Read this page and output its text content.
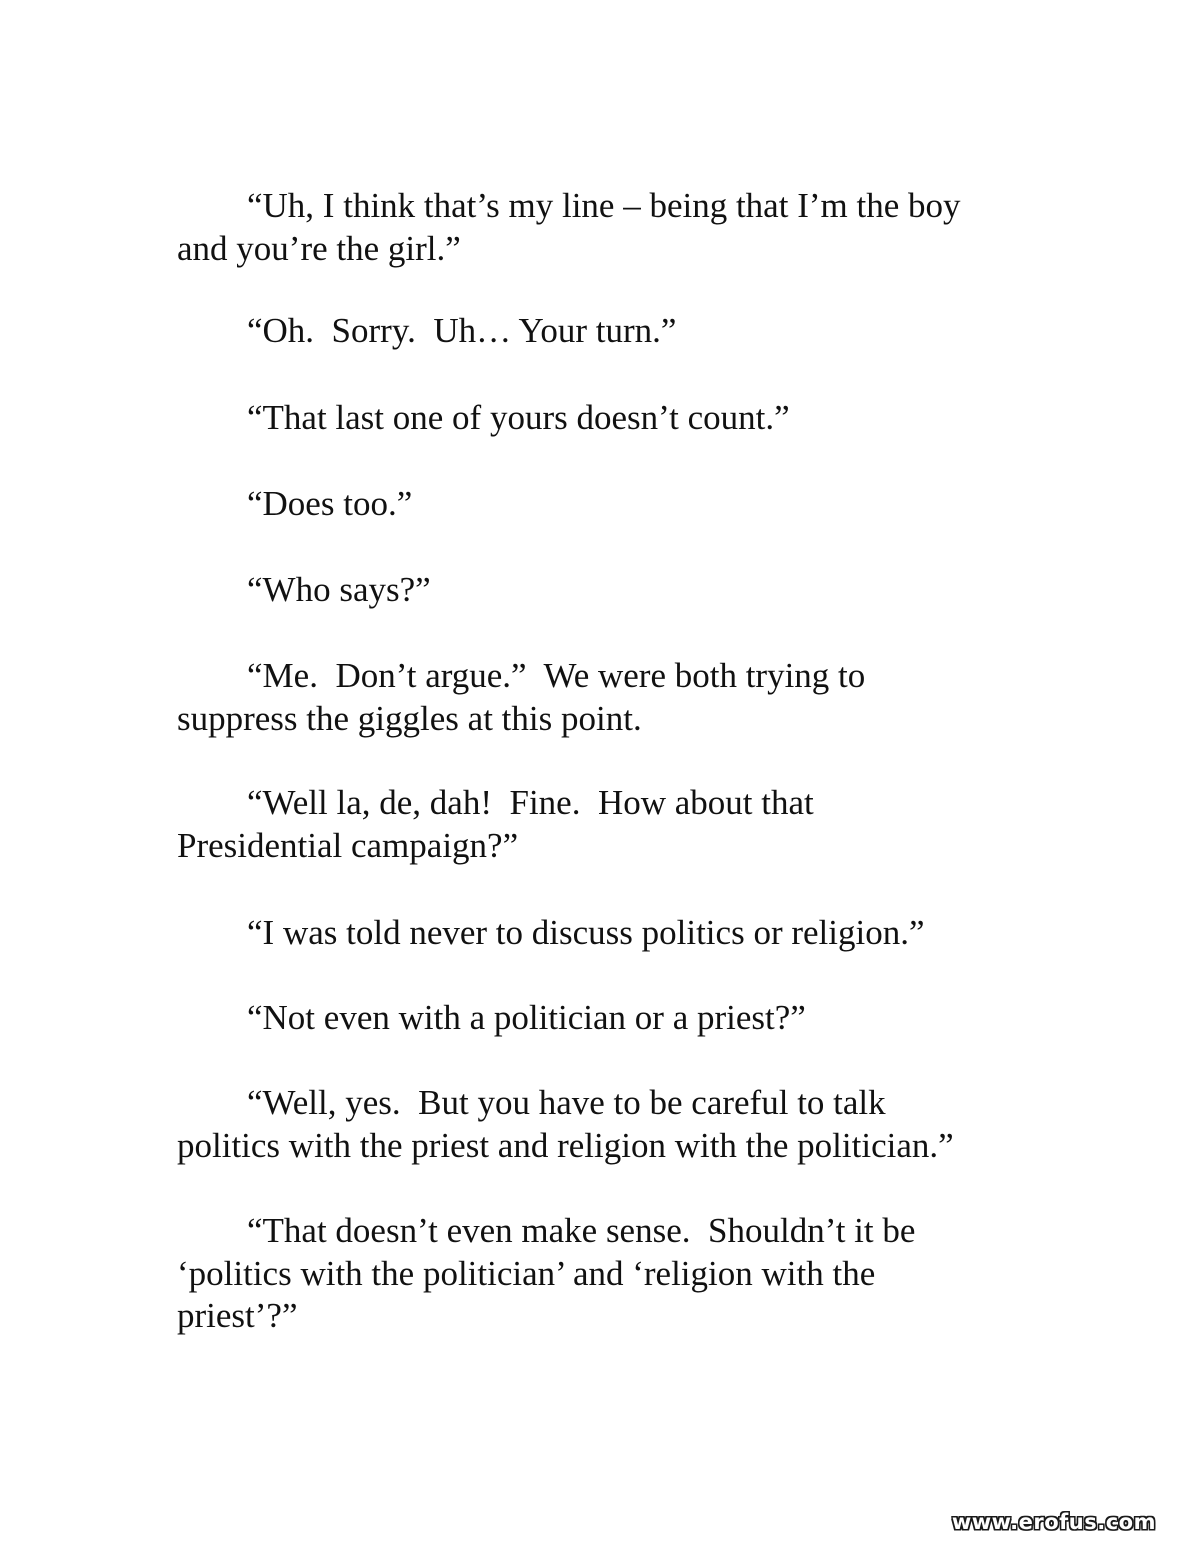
“Uh, I think that’s my line – being that I’m the boy
and you’re the girl.”

“Oh.  Sorry.  Uh… Your turn.”

“That last one of yours doesn’t count.”

“Does too.”

“Who says?”

“Me.  Don’t argue.”  We were both trying to
suppress the giggles at this point.

“Well la, de, dah!  Fine.  How about that
Presidential campaign?”

“I was told never to discuss politics or religion.”

“Not even with a politician or a priest?”

“Well, yes.  But you have to be careful to talk
politics with the priest and religion with the politician.”

“That doesn’t even make sense.  Shouldn’t it be
‘politics with the politician’ and ‘religion with the
priest’?”

www.erofus.com
